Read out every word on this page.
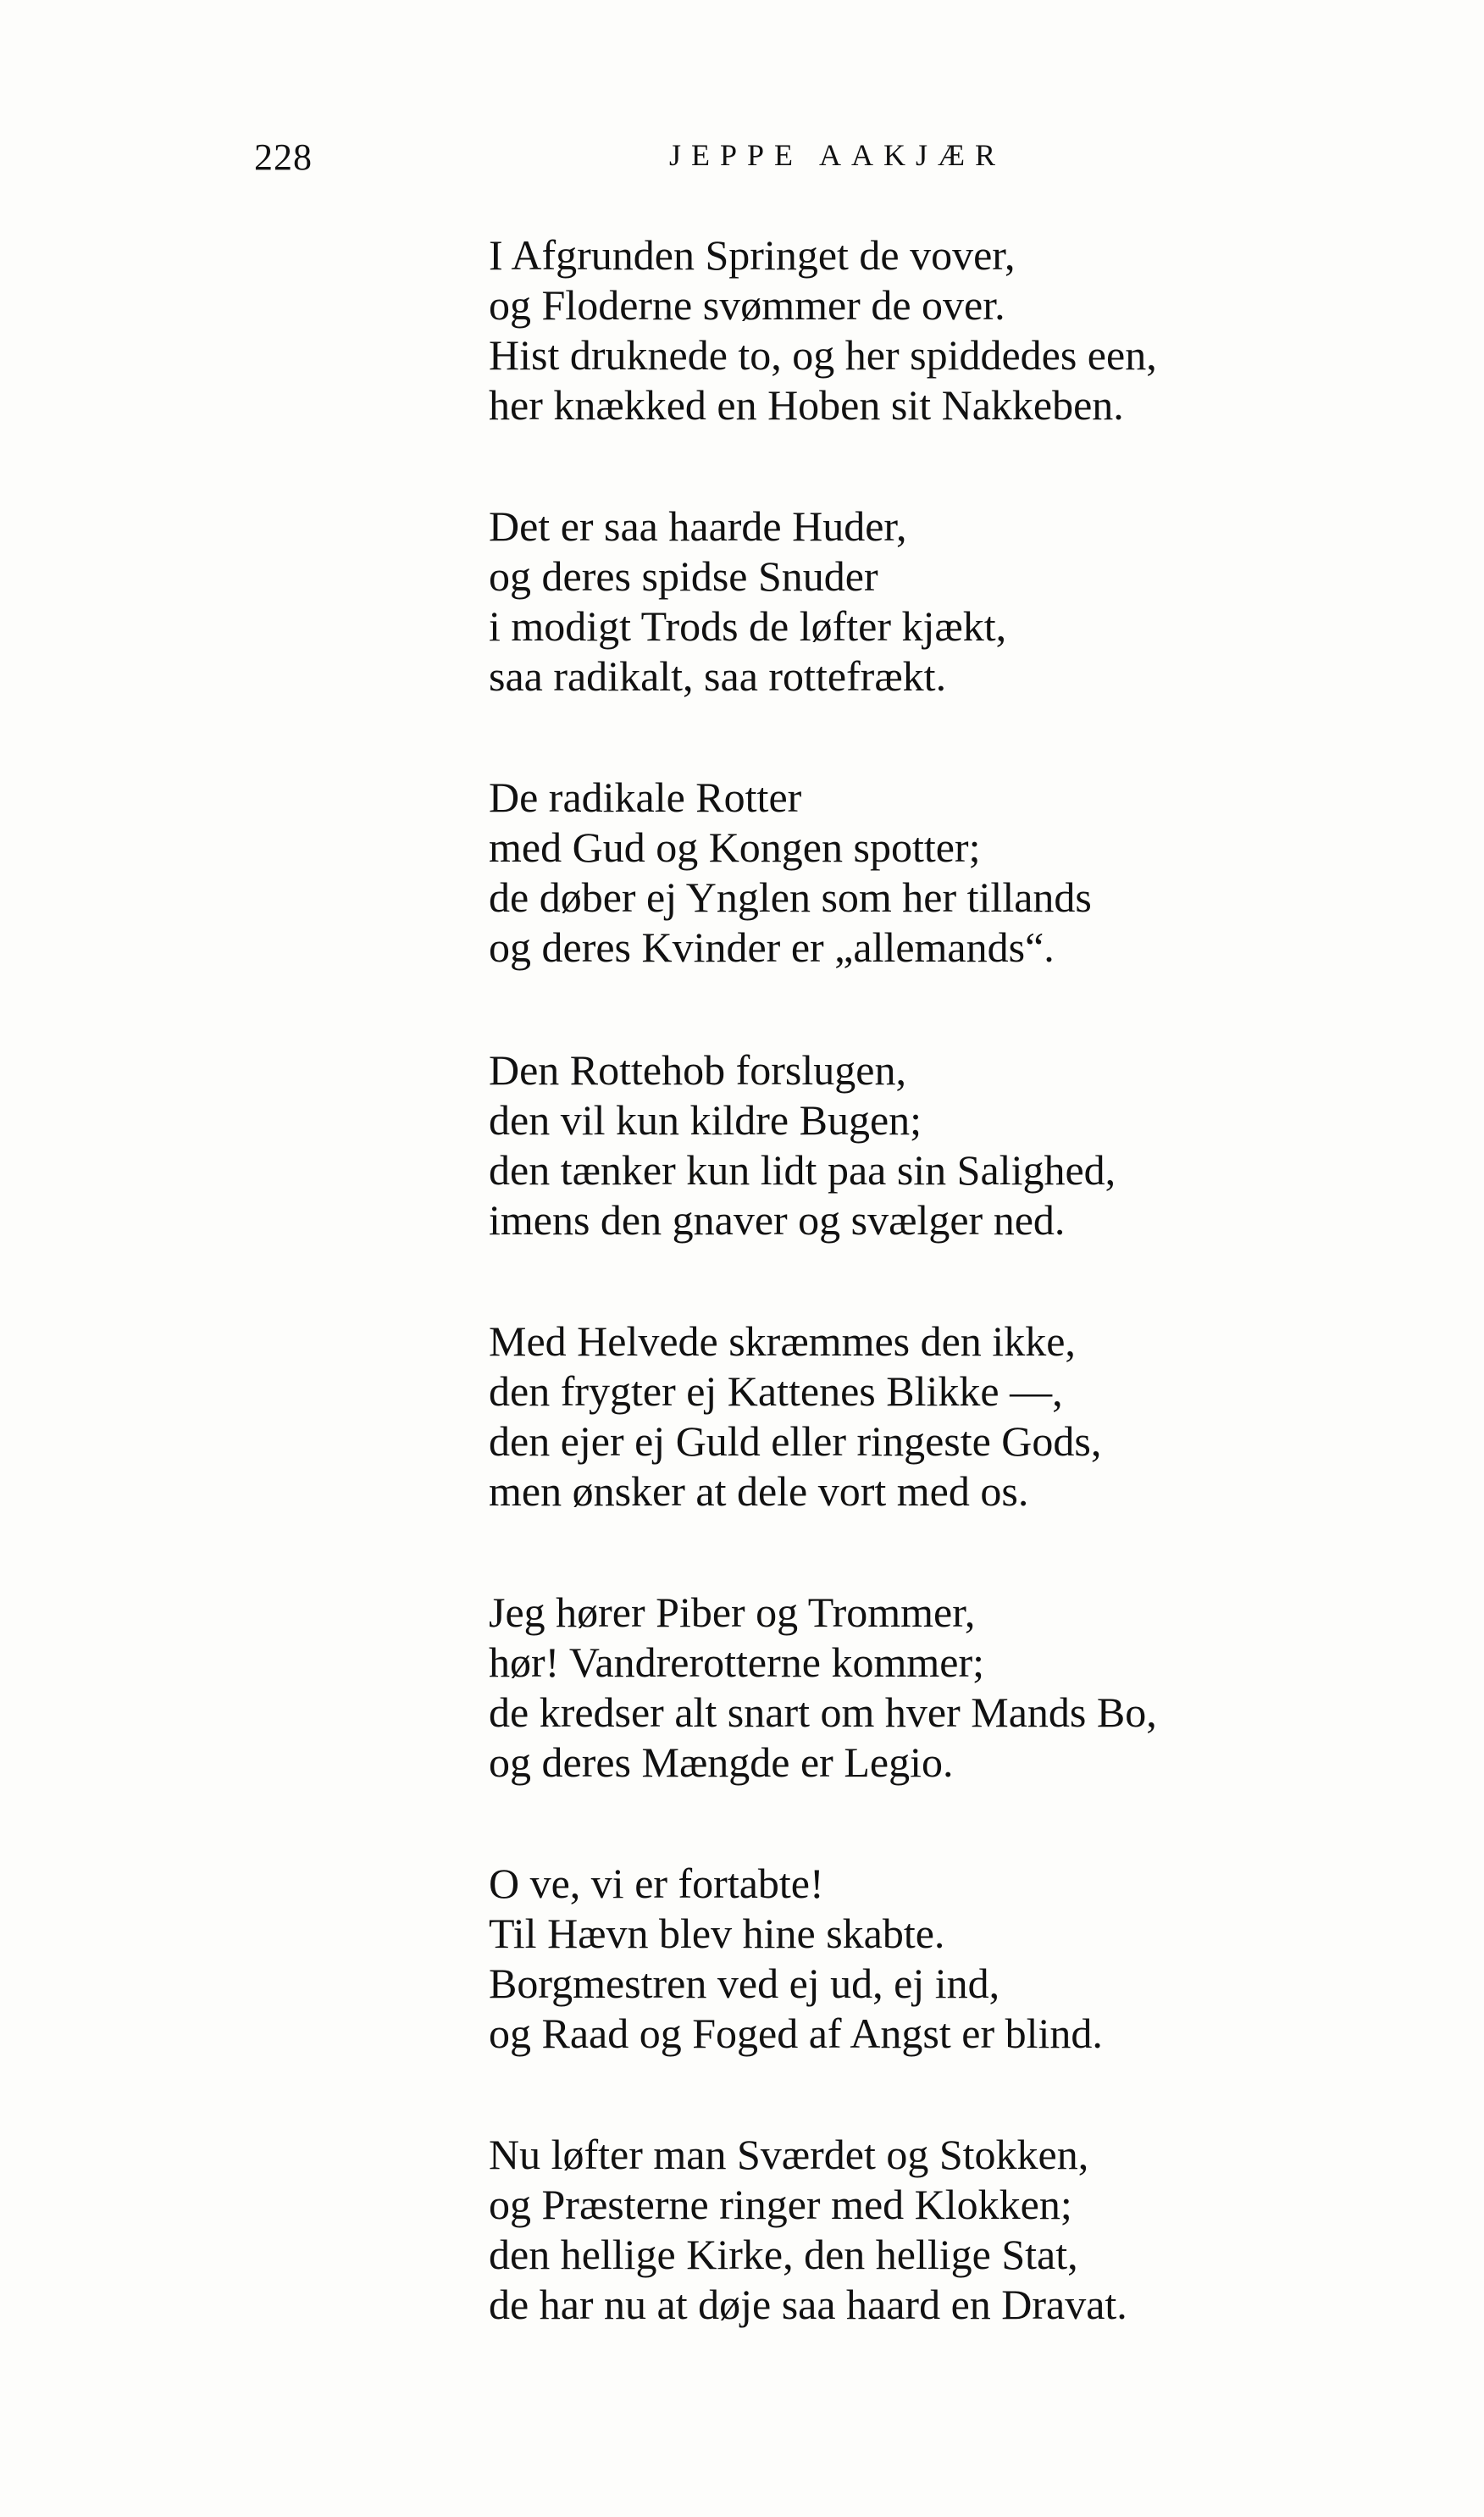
228	JEPPE AAKJÆR
I Afgrunden Springet de vover,
og Floderne svømmer de over.
Hist druknede to, og her spiddedes een,
her knækked en Hoben sit Nakkeben.
Det er saa haarde Huder,
og deres spidse Snuder
i modigt Trods de løfter kjækt,
saa radikalt, saa rottefrækt.
De radikale Rotter
med Gud og Kongen spotter;
de døber ej Ynglen som her tillands
og deres Kvinder er „allemands“.
Den Rottehob forslugen,
den vil kun kildre Bugen;
den tænker kun lidt paa sin Salighed,
imens den gnaver og svælger ned.
Med Helvede skræmmes den ikke,
den frygter ej Kattenes Blikke —,
den ejer ej Guld eller ringeste Gods,
men ønsker at dele vort med os.
Jeg hører Piber og Trommer,
hør! Vandrerotterne kommer;
de kredser alt snart om hver Mands Bo,
og deres Mængde er Legio.
O ve, vi er fortabte!
Til Hævn blev hine skabte.
Borgmestren ved ej ud, ej ind,
og Raad og Foged af Angst er blind.
Nu løfter man Sværdet og Stokken,
og Præsterne ringer med Klokken;
den hellige Kirke, den hellige Stat,
de har nu at døje saa haard en Dravat.
